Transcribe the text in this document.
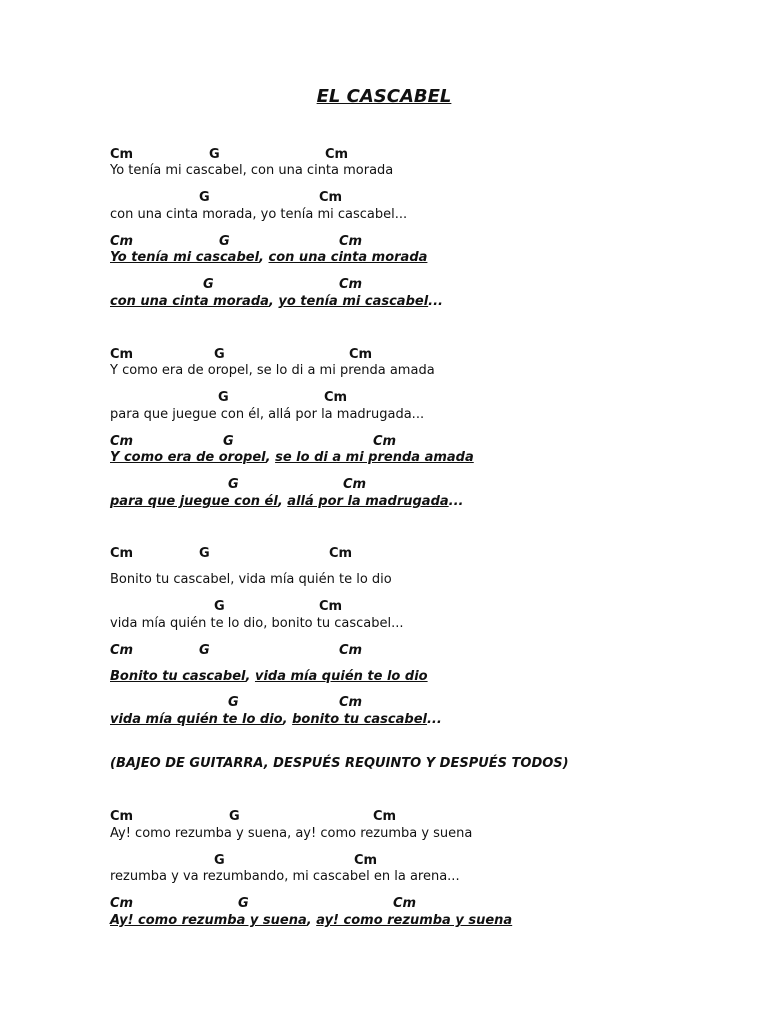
EL CASCABEL

Cm

	G

	Cm

Yo tenía mi cascabel, con una cinta morada

G

	Cm

con una cinta morada, yo tenía mi cascabel...

Cm

	G

	Cm

Yo tenía mi cascabel, con una cinta morada

G

	Cm

con una cinta morada, yo tenía mi cascabel...

Cm

	G

	Cm

Y como era de oropel, se lo di a mi prenda amada

G

	Cm

para que juegue con él, allá por la madrugada...

Cm

	G

	Cm

Y como era de oropel, se lo di a mi prenda amada

G

	Cm

para que juegue con él, allá por la madrugada...

Cm

	G

	Cm

Bonito tu cascabel, vida mía quién te lo dio

G

	Cm

vida mía quién te lo dio, bonito tu cascabel...

Cm

	G

	Cm

Bonito tu cascabel, vida mía quién te lo dio

G

	Cm

vida mía quién te lo dio, bonito tu cascabel...
(BAJEO DE GUITARRA, DESPUÉS REQUINTO Y DESPUÉS TODOS)

Cm

	G

	Cm

Ay! como rezumba y suena, ay! como rezumba y suena

G

	Cm

rezumba y va rezumbando, mi cascabel en la arena...

Cm

	G

	Cm

Ay! como rezumba y suena, ay! como rezumba y suena
